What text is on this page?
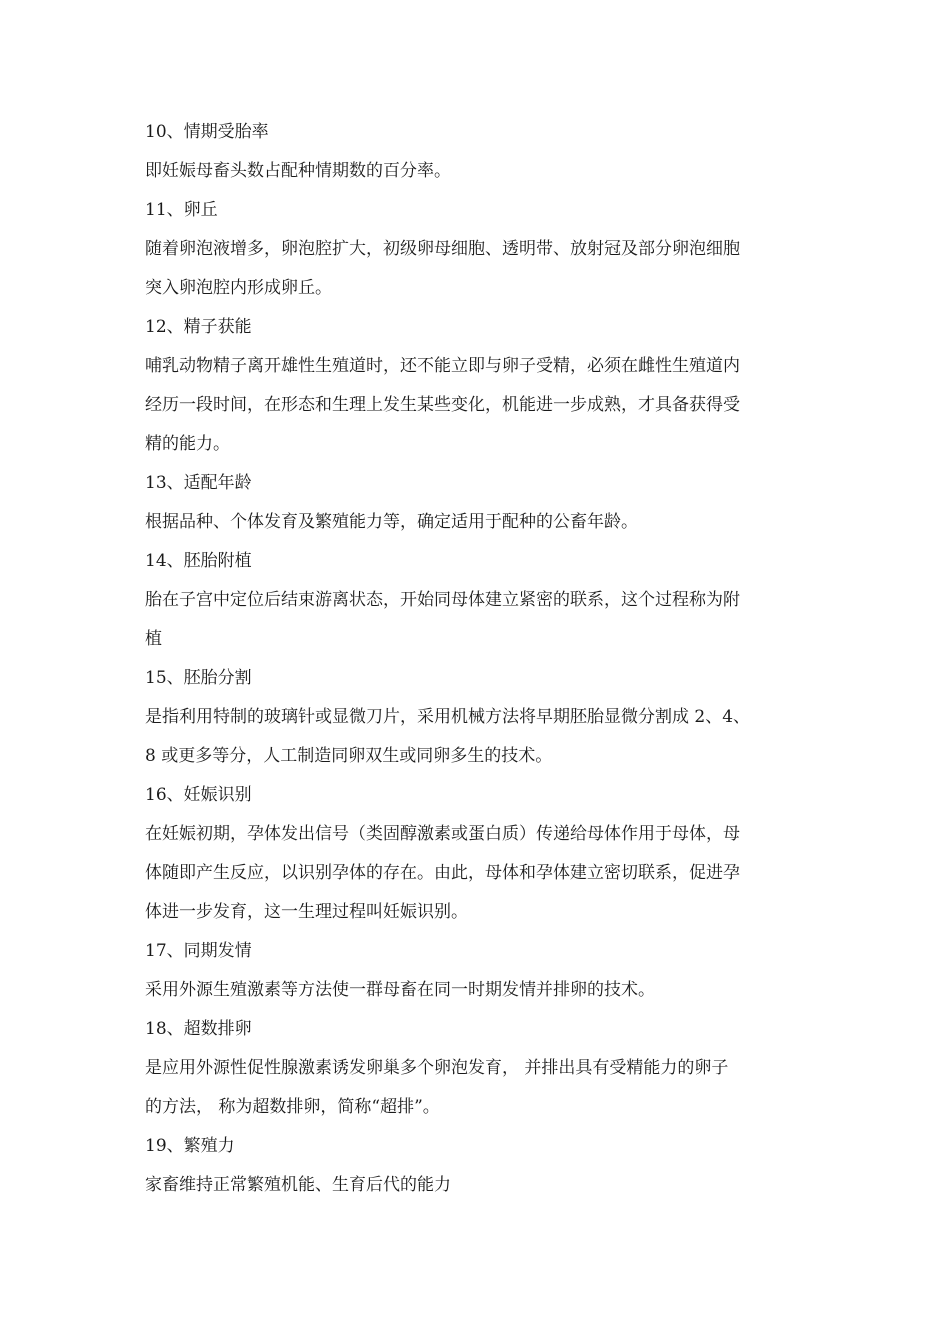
10、情期受胎率
即妊娠母畜头数占配种情期数的百分率。
11、卵丘
随着卵泡液增多，卵泡腔扩大，初级卵母细胞、透明带、放射冠及部分卵泡细胞
突入卵泡腔内形成卵丘。
12、精子获能
哺乳动物精子离开雄性生殖道时，还不能立即与卵子受精，必须在雌性生殖道内
经历一段时间，在形态和生理上发生某些变化，机能进一步成熟，才具备获得受
精的能力。
13、适配年龄
根据品种、个体发育及繁殖能力等，确定适用于配种的公畜年龄。
14、胚胎附植
胎在子宫中定位后结束游离状态，开始同母体建立紧密的联系，这个过程称为附
植
15、胚胎分割
是指利用特制的玻璃针或显微刀片，采用机械方法将早期胚胎显微分割成 2、4、
8 或更多等分，人工制造同卵双生或同卵多生的技术。
16、妊娠识别
在妊娠初期，孕体发出信号（类固醇激素或蛋白质）传递给母体作用于母体，母
体随即产生反应，以识别孕体的存在。由此，母体和孕体建立密切联系，促进孕
体进一步发育，这一生理过程叫妊娠识别。
17、同期发情
采用外源生殖激素等方法使一群母畜在同一时期发情并排卵的技术。
18、超数排卵
是应用外源性促性腺激素诱发卵巢多个卵泡发育， 并排出具有受精能力的卵子
的方法， 称为超数排卵，简称“超排”。
19、繁殖力
家畜维持正常繁殖机能、生育后代的能力
